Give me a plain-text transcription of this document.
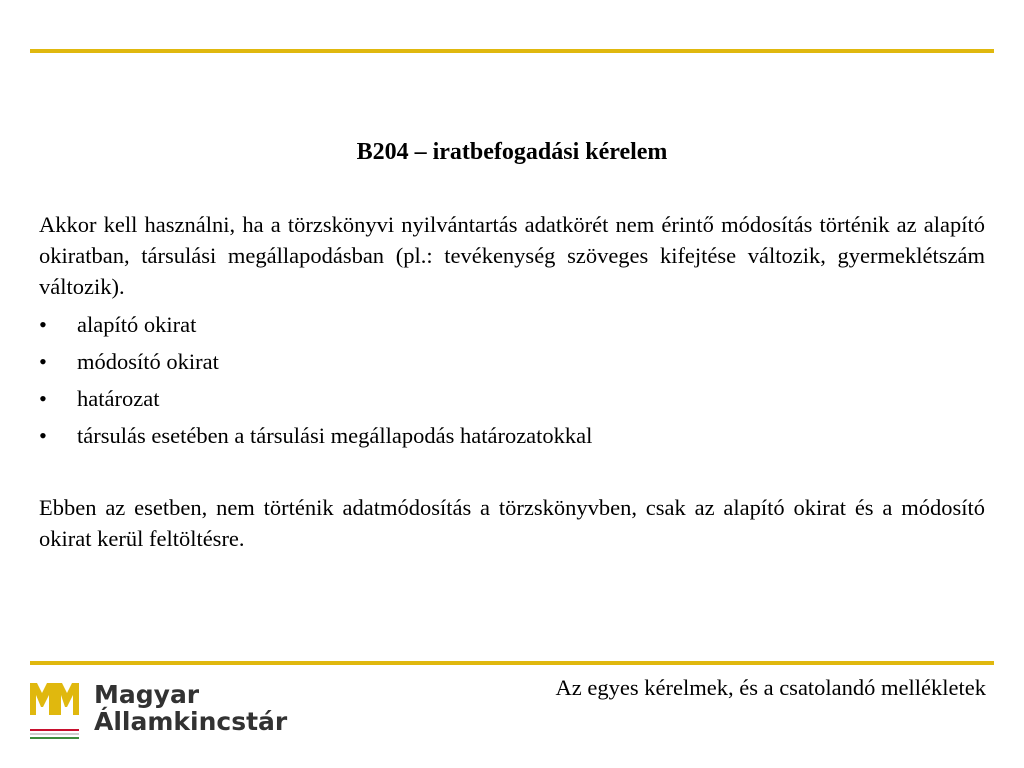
B204 – iratbefogadási kérelem

Akkor kell használni, ha a törzskönyvi nyilvántartás adatkörét nem érintő módosítás történik az alapító okiratban, társulási megállapodásban (pl.: tevékenység szöveges kifejtése változik, gyermeklétszám változik).

• alapító okirat
• módosító okirat
• határozat
• társulás esetében a társulási megállapodás határozatokkal

Ebben az esetben, nem történik adatmódosítás a törzskönyvben, csak az alapító okirat és a módosító okirat kerül feltöltésre.

Az egyes kérelmek, és a csatolandó mellékletek
Magyar
Államkincstár
